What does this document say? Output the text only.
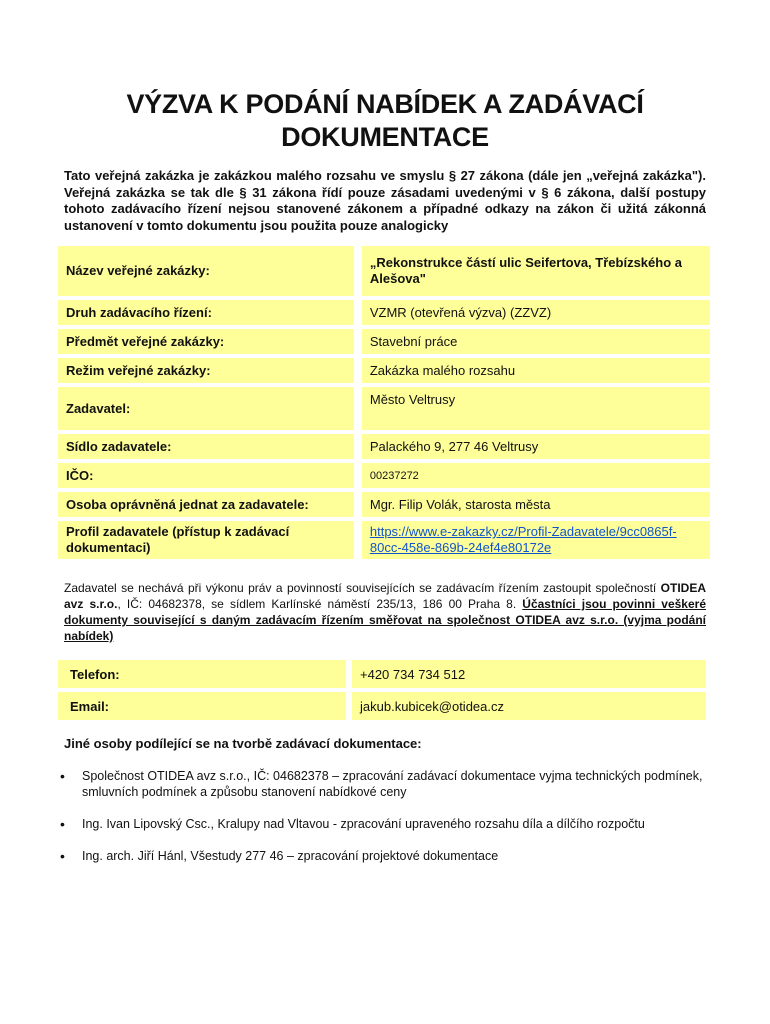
VÝZVA K PODÁNÍ NABÍDEK A ZADÁVACÍ DOKUMENTACE

Tato veřejná zakázka je zakázkou malého rozsahu ve smyslu § 27 zákona (dále jen „veřejná zakázka"). Veřejná zakázka se tak dle § 31 zákona řídí pouze zásadami uvedenými v § 6 zákona, další postupy tohoto zadávacího řízení nejsou stanovené zákonem a případné odkazy na zákon či užitá zákonná ustanovení v tomto dokumentu jsou použita pouze analogicky

Název veřejné zakázky:	„Rekonstrukce částí ulic Seifertova, Třebízského a Alešova"
Druh zadávacího řízení:	VZMR (otevřená výzva) (ZZVZ)
Předmět veřejné zakázky:	Stavební práce
Režim veřejné zakázky:	Zakázka malého rozsahu
Zadavatel:	Město Veltrusy
Sídlo zadavatele:	Palackého 9, 277 46 Veltrusy
IČO:	00237272
Osoba oprávněná jednat za zadavatele:	Mgr. Filip Volák, starosta města
Profil zadavatele (přístup k zadávací dokumentaci)	https://www.e-zakazky.cz/Profil-Zadavatele/9cc0865f-80cc-458e-869b-24ef4e80172e

Zadavatel se nechává při výkonu práv a povinností souvisejících se zadávacím řízením zastoupit společností OTIDEA avz s.r.o., IČ: 04682378, se sídlem Karlínské náměstí 235/13, 186 00 Praha 8. Účastníci jsou povinni veškeré dokumenty související s daným zadávacím řízením směřovat na společnost OTIDEA avz s.r.o. (vyjma podání nabídek)

Telefon:	+420 734 734 512
Email:	jakub.kubicek@otidea.cz

Jiné osoby podílející se na tvorbě zadávací dokumentace:

• Společnost OTIDEA avz s.r.o., IČ: 04682378 – zpracování zadávací dokumentace vyjma technických podmínek, smluvních podmínek a způsobu stanovení nabídkové ceny
• Ing. Ivan Lipovský Csc., Kralupy nad Vltavou - zpracování upraveného rozsahu díla a dílčího rozpočtu
• Ing. arch. Jiří Hánl, Všestudy 277 46 – zpracování projektové dokumentace
